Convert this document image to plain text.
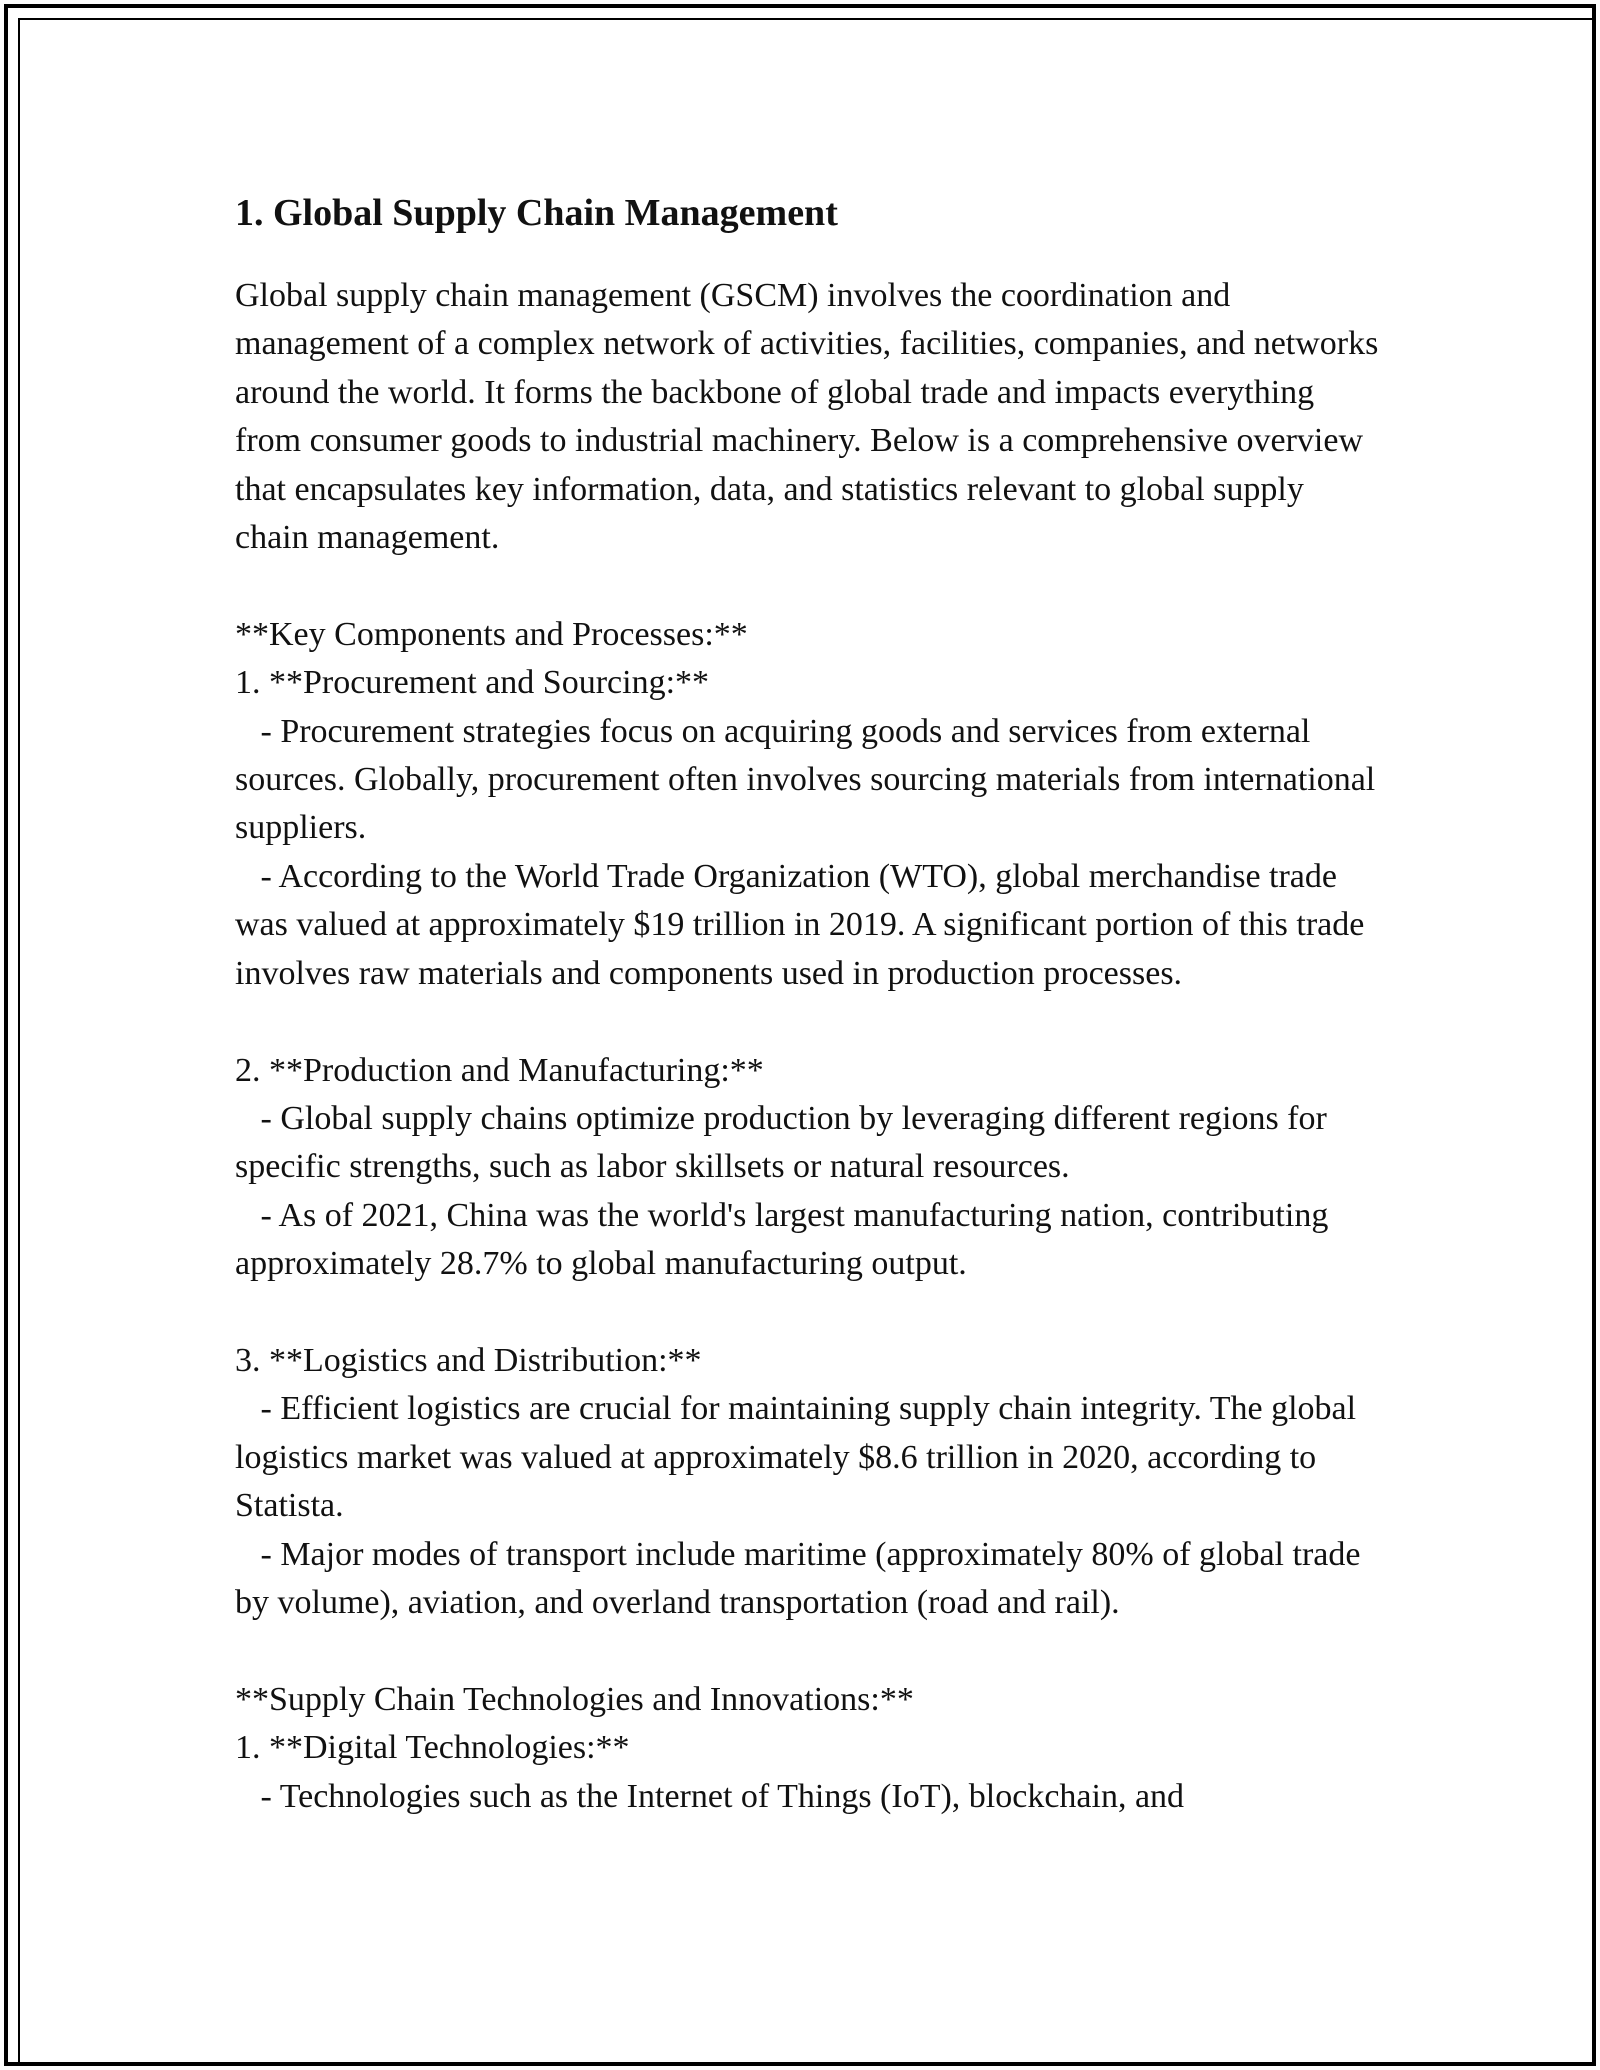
1. Global Supply Chain Management

Global supply chain management (GSCM) involves the coordination and management of a complex network of activities, facilities, companies, and networks around the world. It forms the backbone of global trade and impacts everything from consumer goods to industrial machinery. Below is a comprehensive overview that encapsulates key information, data, and statistics relevant to global supply chain management.

**Key Components and Processes:**
1. **Procurement and Sourcing:**
- Procurement strategies focus on acquiring goods and services from external sources. Globally, procurement often involves sourcing materials from international suppliers.
- According to the World Trade Organization (WTO), global merchandise trade was valued at approximately $19 trillion in 2019. A significant portion of this trade involves raw materials and components used in production processes.

2. **Production and Manufacturing:**
- Global supply chains optimize production by leveraging different regions for specific strengths, such as labor skillsets or natural resources.
- As of 2021, China was the world's largest manufacturing nation, contributing approximately 28.7% to global manufacturing output.

3. **Logistics and Distribution:**
- Efficient logistics are crucial for maintaining supply chain integrity. The global logistics market was valued at approximately $8.6 trillion in 2020, according to Statista.
- Major modes of transport include maritime (approximately 80% of global trade by volume), aviation, and overland transportation (road and rail).

**Supply Chain Technologies and Innovations:**
1. **Digital Technologies:**
- Technologies such as the Internet of Things (IoT), blockchain, and
